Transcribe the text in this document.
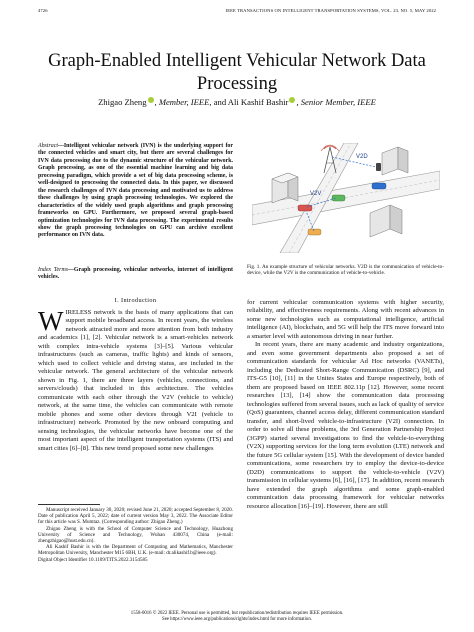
4726	IEEE TRANSACTIONS ON INTELLIGENT TRANSPORTATION SYSTEMS, VOL. 23, NO. 5, MAY 2022
Graph-Enabled Intelligent Vehicular Network Data Processing
Zhigao Zheng , Member, IEEE, and Ali Kashif Bashir , Senior Member, IEEE
Abstract—Intelligent vehicular network (IVN) is the underlying support for the connected vehicles and smart city, but there are several challenges for IVN data processing due to the dynamic structure of the vehicular network. Graph processing, as one of the essential machine learning and big data processing paradigm, which provide a set of big data processing scheme, is well-designed to processing the connected data. In this paper, we discussed the research challenges of IVN data processing and motivated us to address these challenges by using graph processing technologies. We explored the characteristics of the widely used graph algorithms and graph processing frameworks on GPU. Furthermore, we proposed several graph-based optimization technologies for IVN data processing. The experimental results show the graph processing technologies on GPU can archive excellent performance on IVN data.
Index Terms—Graph processing, vehicular networks, internet of intelligent vehicles.
V2D
V2V
Fig. 1. An example structure of vehicular networks. V2D is the communication of vehicle-to-device, while the V2V is the communication of vehicle-to-vehicle.
I. Introduction
WIRELESS network is the basis of many applications that can support mobile broadband access. In recent years, the wireless network attracted more and more attention from both industry and academics [1], [2]. Vehicular network is a smart-vehicles network with complex intra-vehicle systems [3]–[5]. Various vehicular infrastructures (such as cameras, traffic lights) and kinds of sensors, which used to collect vehicle and driving status, are included in the vehicular network. The general architecture of the vehicular network shown in Fig. 1, there are three layers (vehicles, connections, and servers/clouds) that included in this architecture. The vehicles communicate with each other through the V2V (vehicle to vehicle) network, at the same time, the vehicles can communicate with remote mobile phones and some other devices through V2I (vehicle to infrastructure) network. Promoted by the new onboard computing and sensing technologies, the vehicular networks have become one of the most important aspect of the intelligent transportation systems (ITS) and smart cities [6]–[8]. This new trend proposed some new challenges

Manuscript received January 30, 2020; revised June 21, 2020; accepted September 8, 2020. Date of publication April 5, 2022; date of current version May 3, 2022. The Associate Editor for this article was S. Mumtaz. (Corresponding author: Zhigao Zheng.)

Zhigao Zheng is with the School of Computer Science and Technology, Huazhong University of Science and Technology, Wuhan 430074, China (e-mail: zhengzhigao@hust.edu.cn).

Ali Kashif Bashir is with the Department of Computing and Mathematics, Manchester Metropolitan University, Manchester M15 6BH, U.K. (e-mail: dr.alikashif.b@ieee.org).

Digital Object Identifier 10.1109/TITS.2022.3154585

for current vehicular communication systems with higher security, reliability, and effectiveness requirements. Along with recent advances in some new technologies such as computational intelligence, artificial intelligence (AI), blockchain, and 5G will help the ITS move forward into a smarter level with autonomous driving in near further.

In recent years, there are many academic and industry organizations, and even some government departments also proposed a set of communication standards for vehicular Ad Hoc networks (VANETs), including the Dedicated Short-Range Communication (DSRC) [9], and ITS-G5 [10], [11] in the Unites States and Europe respectively, both of them are proposed based on IEEE 802.11p [12]. However, some recent researches [13], [14] show the communication data processing technologies suffered from several issues, such as lack of quality of service (QoS) guarantees, channel access delay, different communication standard transfer, and short-lived vehicle-to-infrastructure (V2I) connection. In order to solve all these problems, the 3rd Generation Partnership Project (3GPP) started several investigations to find the vehicle-to-everything (V2X) supporting services for the long term evolution (LTE) network and the future 5G cellular system [15]. With the development of device banded communications, some researchers try to employ the device-to-device (D2D) communications to support the vehicle-to-vehicle (V2V) transmission in cellular systems [6], [16], [17]. In addition, recent research have extended the graph algorithms and some graph-enabled communication data processing framework for vehicular networks resource allocation [16]–[19]. However, there are still

1558-0016 © 2022 IEEE. Personal use is permitted, but republication/redistribution requires IEEE permission.
See https://www.ieee.org/publications/rights/index.html for more information.
